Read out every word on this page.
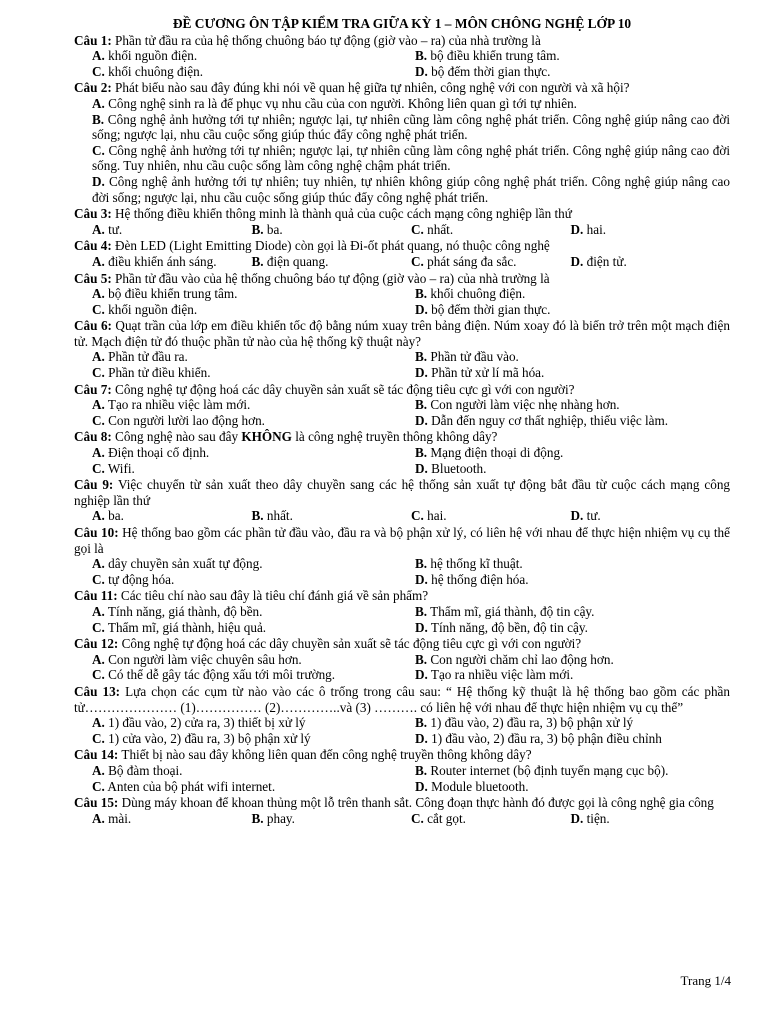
ĐỀ CƯƠNG ÔN TẬP KIỂM TRA GIỮA KỲ 1 – MÔN CHÔNG NGHỆ LỚP 10
Câu 1: Phần tử đầu ra của hệ thống chuông báo tự động (giờ vào – ra) của nhà trường là
A. khối nguồn điện.	B. bộ điều khiển trung tâm.
C. khối chuông điện.	D. bộ đếm thời gian thực.
Câu 2: Phát biểu nào sau đây đúng khi nói về quan hệ giữa tự nhiên, công nghệ với con người và xã hội?
A. Công nghệ sinh ra là để phục vụ nhu cầu của con người. Không liên quan gì tới tự nhiên.
B. Công nghệ ảnh hưởng tới tự nhiên; ngược lại, tự nhiên cũng làm công nghệ phát triển. Công nghệ giúp nâng cao đời sống; ngược lại, nhu cầu cuộc sống giúp thúc đẩy công nghệ phát triển.
C. Công nghệ ảnh hưởng tới tự nhiên; ngược lại, tự nhiên cũng làm công nghệ phát triển. Công nghệ giúp nâng cao đời sống. Tuy nhiên, nhu cầu cuộc sống làm công nghệ chậm phát triển.
D. Công nghệ ảnh hưởng tới tự nhiên; tuy nhiên, tự nhiên không giúp công nghệ phát triển. Công nghệ giúp nâng cao đời sống; ngược lại, nhu cầu cuộc sống giúp thúc đẩy công nghệ phát triển.
Câu 3: Hệ thống điều khiển thông minh là thành quả của cuộc cách mạng công nghiệp lần thứ
A. tư.	B. ba.	C. nhất.	D. hai.
Câu 4: Đèn LED (Light Emitting Diode) còn gọi là Đi-ốt phát quang, nó thuộc công nghệ
A. điều khiển ánh sáng.	B. điện quang.	C. phát sáng đa sắc.	D. điện tử.
Câu 5: Phần tử đầu vào của hệ thống chuông báo tự động (giờ vào – ra) của nhà trường là
A. bộ điều khiển trung tâm.	B. khối chuông điện.
C. khối nguồn điện.	D. bộ đếm thời gian thực.
Câu 6: Quạt trần của lớp em điều khiển tốc độ bằng núm xuay trên bảng điện. Núm xoay đó là biến trở trên một mạch điện tử. Mạch điện tử đó thuộc phần tử nào của hệ thống kỹ thuật này?
A. Phần tử đầu ra.	B. Phần tử đầu vào.
C. Phần tử điều khiển.	D. Phần tử xử lí mã hóa.
Câu 7: Công nghệ tự động hoá các dây chuyền sản xuất sẽ tác động tiêu cực gì với con người?
A. Tạo ra nhiều việc làm mới.	B. Con người làm việc nhẹ nhàng hơn.
C. Con người lười lao động hơn.	D. Dẫn đến nguy cơ thất nghiệp, thiếu việc làm.
Câu 8: Công nghệ nào sau đây KHÔNG là công nghệ truyền thông không dây?
A. Điện thoại cố định.	B. Mạng điện thoại di động.
C. Wifi.	D. Bluetooth.
Câu 9: Việc chuyển từ sản xuất theo dây chuyền sang các hệ thống sản xuất tự động bắt đầu từ cuộc cách mạng công nghiệp lần thứ
A. ba.	B. nhất.	C. hai.	D. tư.
Câu 10: Hệ thống bao gồm các phần tử đầu vào, đầu ra và bộ phận xử lý, có liên hệ với nhau để thực hiện nhiệm vụ cụ thể gọi là
A. dây chuyền sản xuất tự động.	B. hệ thống kĩ thuật.
C. tự động hóa.	D. hệ thống điện hóa.
Câu 11: Các tiêu chí nào sau đây là tiêu chí đánh giá về sản phẩm?
A. Tính năng, giá thành, độ bền.	B. Thẩm mĩ, giá thành, độ tin cậy.
C. Thẩm mĩ, giá thành, hiệu quả.	D. Tính năng, độ bền, độ tin cậy.
Câu 12: Công nghệ tự động hoá các dây chuyền sản xuất sẽ tác động tiêu cực gì với con người?
A. Con người làm việc chuyên sâu hơn.	B. Con người chăm chỉ lao động hơn.
C. Có thể dễ gây tác động xấu tới môi trường.	D. Tạo ra nhiều việc làm mới.
Câu 13: Lựa chọn các cụm từ nào vào các ô trống trong câu sau: “ Hệ thống kỹ thuật là hệ thống bao gồm các phần tử………………… (1)…………… (2)…………..và (3) ………. có liên hệ với nhau để thực hiện nhiệm vụ cụ thể”
A. 1) đầu vào, 2) cửa ra, 3) thiết bị xử lý	B. 1) đầu vào, 2) đầu ra, 3) bộ phận xử lý
C. 1) cửa vào, 2) đầu ra, 3) bộ phận xử lý	D. 1) đầu vào, 2) đầu ra, 3) bộ phận điều chỉnh
Câu 14: Thiết bị nào sau đây không liên quan đến công nghệ truyền thông không dây?
A. Bộ đàm thoại.	B. Router internet (bộ định tuyến mạng cục bộ).
C. Anten của bộ phát wifi internet.	D. Module bluetooth.
Câu 15: Dùng máy khoan để khoan thủng một lỗ trên thanh sắt. Công đoạn thực hành đó được gọi là công nghệ gia công
A. mài.	B. phay.	C. cắt gọt.	D. tiện.
Trang 1/4
